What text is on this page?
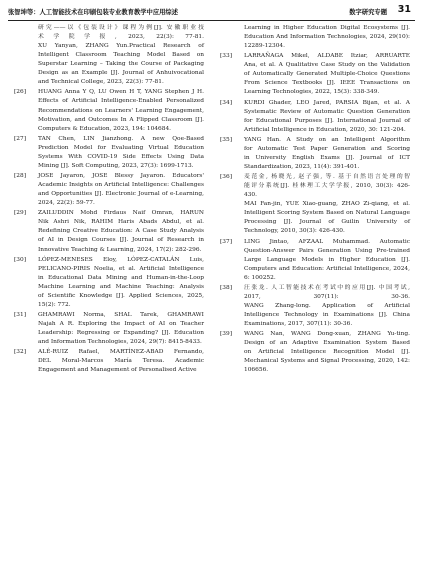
张智坤等：人工智能技术在印刷包装专业教育教学中应用综述	数字研究专题 31
研究——以《包装设计》课程为例[J]. 安徽职业技
术学院学报, 2023, 22(3): 77-81.
XU Yanyan, ZHANG Yun.Practical Research of
Intelligent Classroom Teaching Model Based on
Superstar Learning – Taking the Course of Packaging
Design as an Example [J]. Journal of Anhuivocational
and Technical College, 2023, 22(3): 77-81.
[26] HUANG Anna Y Q, LU Owen H T, YANG Stephen J H.
Effects of Artificial Intelligence-Enabled Personalized
Recommendations on Learners' Learning Engagement,
Motivation, and Outcomes In A Flipped Classroom [J].
Computers & Education, 2023, 194: 104684.
[27] TAN Chen, LIN Jianzhong. A new Qoe-Based
Prediction Model for Evaluating Virtual Education
Systems With COVID-19 Side Effects Using Data
Mining [J]. Soft Computing, 2023, 27(3): 1699-1713.
[28] JOSE Jayaron, JOSE Blessy Jayaron. Educators'
Academic Insights on Artificial Intelligence: Challenges
and Opportunities [J]. Electronic Journal of e-Learning,
2024, 22(2): 59-77.
[29] ZAILUDDIN Mohd Firdaus Naif Omran, HARUN
Nik Ashri Nik, RAHIM Haris Abads Abdul, et al.
Redefining Creative Education: A Case Study Analysis
of AI in Design Courses [J]. Journal of Research in
Innovative Teaching & Learning, 2024, 17(2): 282-296.
[30] LÓPEZ-MENESES Eloy, LÓPEZ-CATALÁN Luis,
PELICANO-PIRIS Noelia, et al. Artificial Intelligence
in Educational Data Mining and Human-in-the-Loop
Machine Learning and Machine Teaching: Analysis
of Scientific Knowledge [J]. Applied Sciences, 2025,
15(2): 772.
[31] GHAMRAWI Norma, SHAL Tarek, GHAMRAWI
Najah A R. Exploring the Impact of AI on Teacher
Leadership: Regressing or Expanding? [J]. Education
and Information Technologies, 2024, 29(7): 8415-8433.
[32] ALÉ-RUIZ Rafael, MARTÍNEZ-ABAD Fernando,
DEL Moral-Marcos María Teresa. Academic
Engagement and Management of Personalised Active
Learning in Higher Education Digital Ecosystems [J].
Education And Information Technologies, 2024, 29(10):
12289-12304.
[33] LARRAÑAGA Mikel, ALDABE Itziar, ARRUARTE
Ana, et al. A Qualitative Case Study on the Validation
of Automatically Generated Multiple-Choice Questions
From Science Textbooks [J]. IEEE Transactions on
Learning Technologies, 2022, 15(3): 338-349.
[34] KURDI Ghader, LEO Jared, PARSIA Bijan, et al. A
Systematic Review of Automatic Question Generation
for Educational Purposes [J]. International Journal of
Artificial Intelligence in Education, 2020, 30: 121-204.
[35] YANG Han. A Study on an Intelligent Algorithm
for Automatic Test Paper Generation and Scoring
in University English Exams [J]. Journal of ICT
Standardization, 2023, 11(4): 391-401.
[36] 麦范金, 杨晓光, 赵子强, 等. 基于自然语言处理的智
能评分系统[J]. 桂林理工大学学报, 2010, 30(3): 426-
430.
MAI Fan-jin, YUE Xiao-guang, ZHAO Zi-qiang, et al.
Intelligent Scoring System Based on Natural Language
Processing [J]. Journal of Guilin University of
Technology, 2010, 30(3): 426-430.
[37] LING Jintao, AFZAAL Muhammad. Automatic
Question-Answer Pairs Generation Using Pre-trained
Large Language Models in Higher Education [J].
Computers and Education: Artificial Intelligence, 2024,
6: 100252.
[38] 汪张龙. 人工智能技术在考试中的应用[J]. 中国考试,
2017, 307(11): 30-36.
WANG Zhang-long. Application of Artificial
Intelligence Technology in Examinations [J]. China
Examinations, 2017, 307(11): 30-36.
[39] WANG Nan, WANG Dong-xuan, ZHANG Yu-ting.
Design of an Adaptive Examination System Based
on Artificial Intelligence Recognition Model [J].
Mechanical Systems and Signal Processing, 2020, 142:
106656.
